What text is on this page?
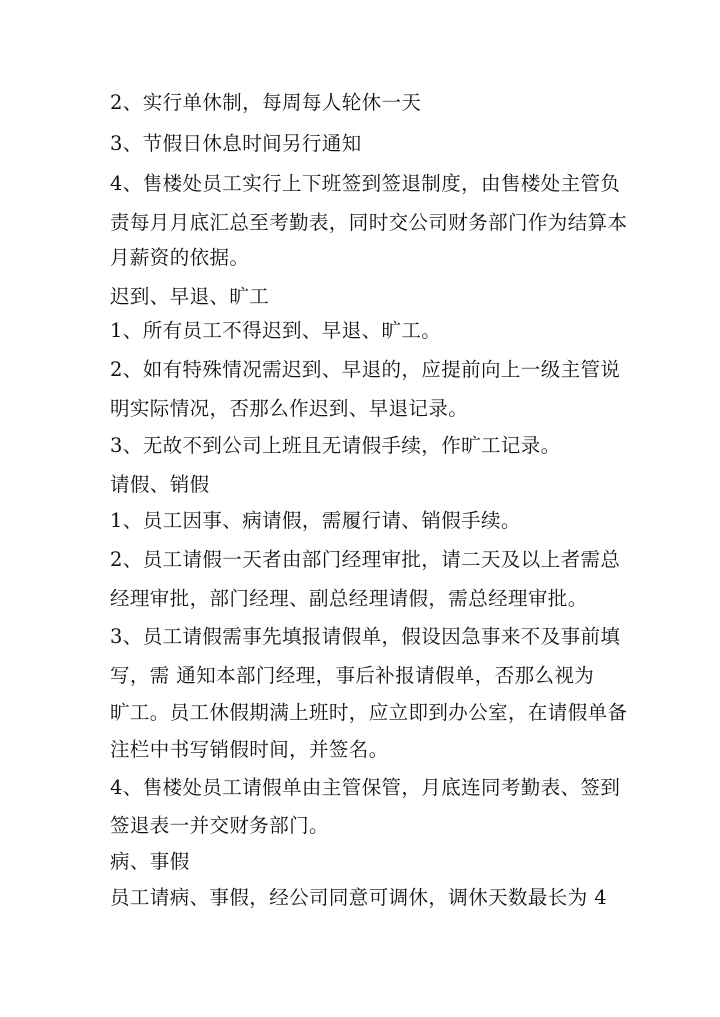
2、实行单休制，每周每人轮休一天
3、节假日休息时间另行通知
4、售楼处员工实行上下班签到签退制度，由售楼处主管负
责每月月底汇总至考勤表，同时交公司财务部门作为结算本
月薪资的依据。
迟到、早退、旷工
1、所有员工不得迟到、早退、旷工。
2、如有特殊情况需迟到、早退的，应提前向上一级主管说
明实际情况，否那么作迟到、早退记录。
3、无故不到公司上班且无请假手续，作旷工记录。
请假、销假
1、员工因事、病请假，需履行请、销假手续。
2、员工请假一天者由部门经理审批，请二天及以上者需总
经理审批，部门经理、副总经理请假，需总经理审批。
3、员工请假需事先填报请假单，假设因急事来不及事前填
写，需 通知本部门经理，事后补报请假单，否那么视为
旷工。员工休假期满上班时，应立即到办公室，在请假单备
注栏中书写销假时间，并签名。
4、售楼处员工请假单由主管保管，月底连同考勤表、签到
签退表一并交财务部门。
病、事假
员工请病、事假，经公司同意可调休，调休天数最长为 4
